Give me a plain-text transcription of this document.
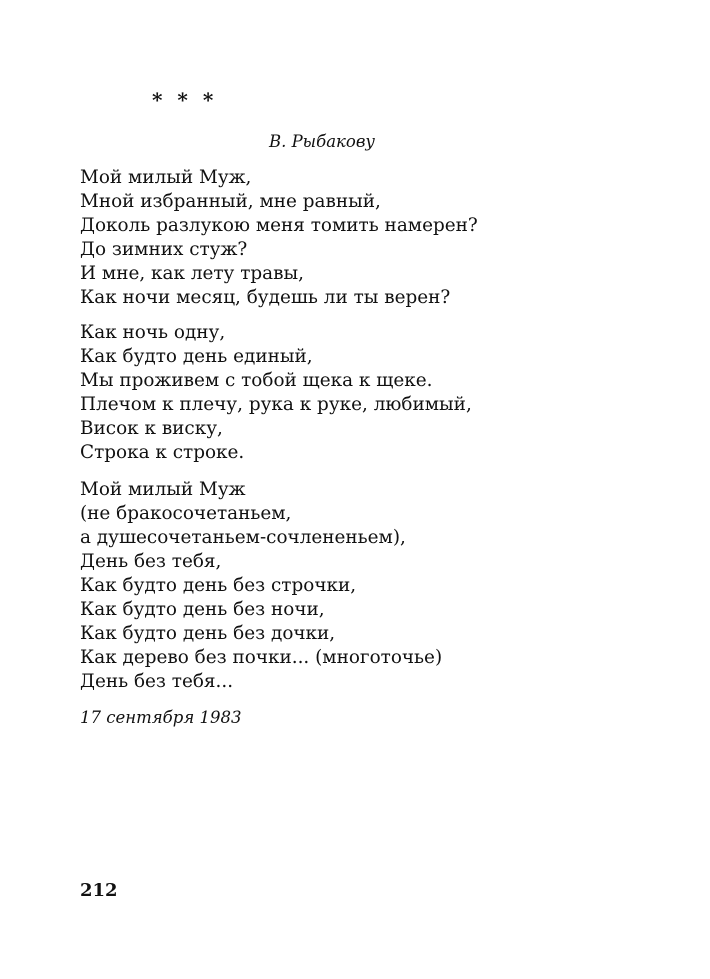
* * *
В. Рыбакову
Мой милый Муж,
Мной избранный, мне равный,
Доколь разлукою меня томить намерен?
До зимних стуж?
И мне, как лету травы,
Как ночи месяц, будешь ли ты верен?
Как ночь одну,
Как будто день единый,
Мы проживем с тобой щека к щеке.
Плечом к плечу, рука к руке, любимый,
Висок к виску,
Строка к строке.
Мой милый Муж
(не бракосочетаньем,
а душесочетаньем-сочлененьем),
День без тебя,
Как будто день без строчки,
Как будто день без ночи,
Как будто день без дочки,
Как дерево без почки... (многоточье)
День без тебя...
17 сентября 1983
212
